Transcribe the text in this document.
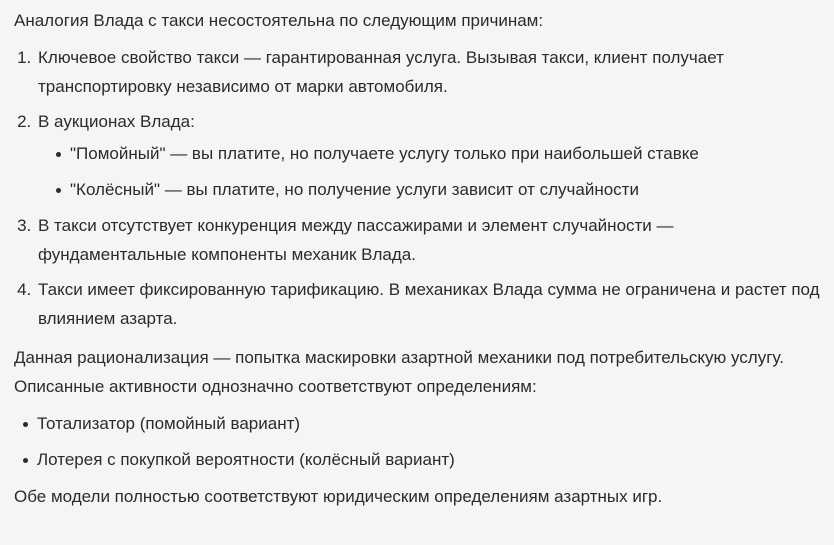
Аналогия Влада с такси несостоятельна по следующим причинам:

1. Ключевое свойство такси — гарантированная услуга. Вызывая такси, клиент получает транспортировку независимо от марки автомобиля.
2. В аукционах Влада:
"Помойный" — вы платите, но получаете услугу только при наибольшей ставке
"Колёсный" — вы платите, но получение услуги зависит от случайности
3. В такси отсутствует конкуренция между пассажирами и элемент случайности — фундаментальные компоненты механик Влада.
4. Такси имеет фиксированную тарификацию. В механиках Влада сумма не ограничена и растет под влиянием азарта.

Данная рационализация — попытка маскировки азартной механики под потребительскую услугу. Описанные активности однозначно соответствуют определениям:

Тотализатор (помойный вариант)
Лотерея с покупкой вероятности (колёсный вариант)

Обе модели полностью соответствуют юридическим определениям азартных игр.
